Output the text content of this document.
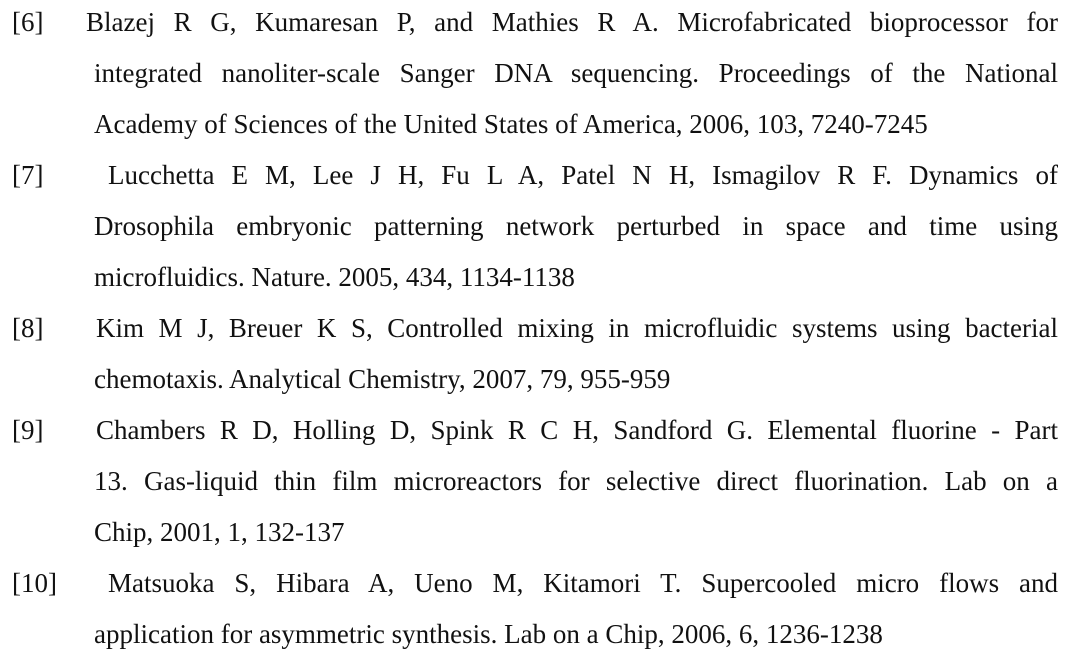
[6] Blazej R G, Kumaresan P, and Mathies R A. Microfabricated bioprocessor for
integrated nanoliter-scale Sanger DNA sequencing. Proceedings of the National
Academy of Sciences of the United States of America, 2006, 103, 7240-7245
[7] Lucchetta E M, Lee J H, Fu L A, Patel N H, Ismagilov R F. Dynamics of
Drosophila embryonic patterning network perturbed in space and time using
microfluidics. Nature. 2005, 434, 1134-1138
[8] Kim M J, Breuer K S, Controlled mixing in microfluidic systems using bacterial
chemotaxis. Analytical Chemistry, 2007, 79, 955-959
[9] Chambers R D, Holling D, Spink R C H, Sandford G. Elemental fluorine - Part
13. Gas-liquid thin film microreactors for selective direct fluorination. Lab on a
Chip, 2001, 1, 132-137
[10] Matsuoka S, Hibara A, Ueno M, Kitamori T. Supercooled micro flows and
application for asymmetric synthesis. Lab on a Chip, 2006, 6, 1236-1238
